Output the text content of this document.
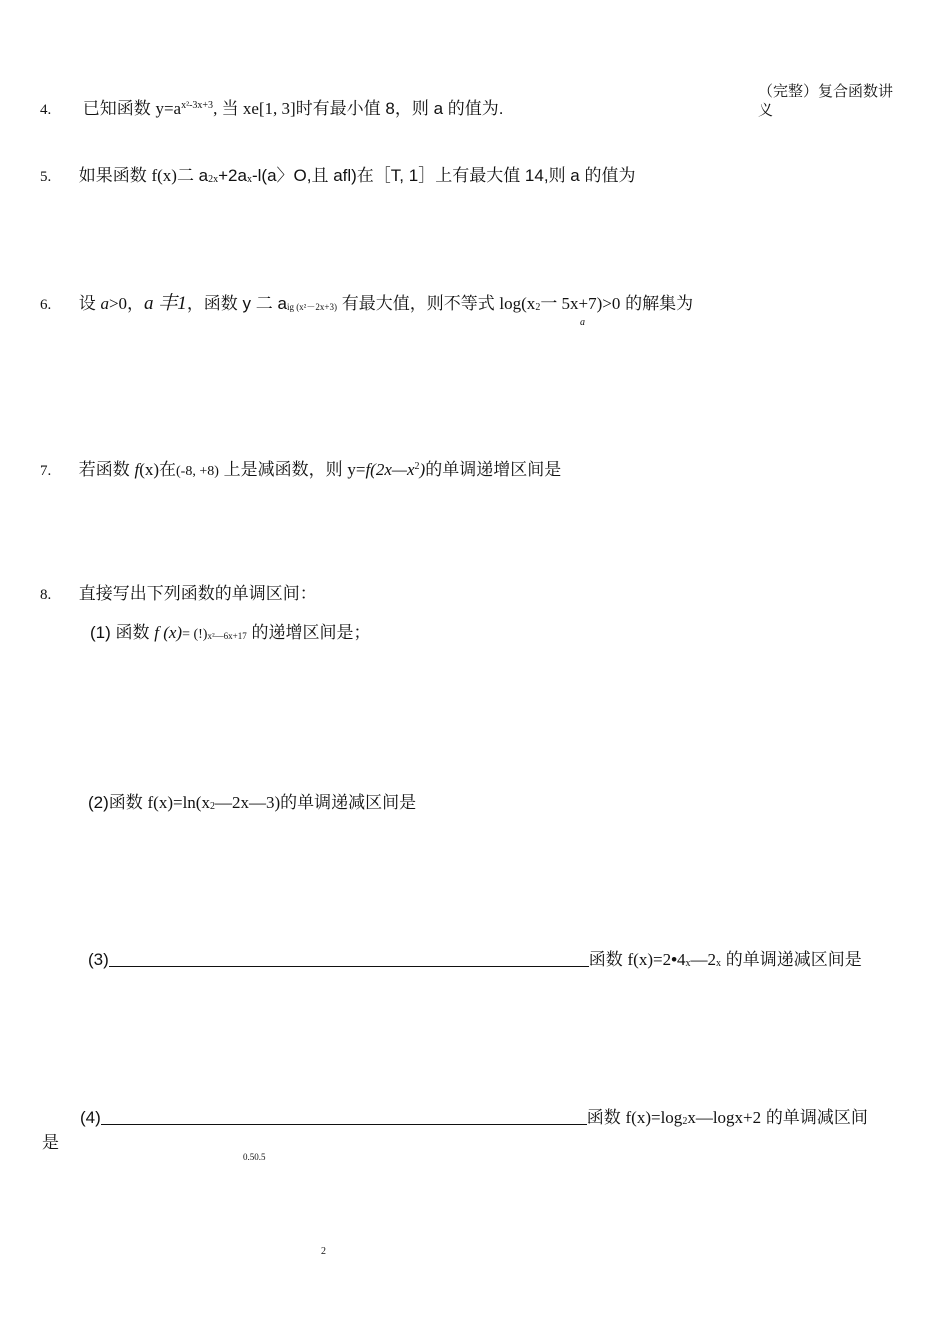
（完整）复合函数讲义
4. 已知函数 $y=a^{x^2-3x+3}$, 当 xe[1, 3]时有最小值 8，则 a 的值为.
5. 如果函数 f(x)二 a2x+2ax-l(a〉O,且 afl)在［T, 1］上有最大值 14,则 a 的值为
6. 设 a>0，a 丰1，函数 y 二 aig (x²－2x+3) 有最大值，则不等式 log(x2一 5x+7)>0 的解集为
a
7. 若函数 f(x)在(-8, +8) 上是减函数，则 $y=f(2x—x^2)$的单调递增区间是
8. 直接写出下列函数的单调区间：
(1) 函数 f (x)= (!)x²—6x+17 的递增区间是；
(2)函数 f(x)=ln(x2—2x—3)的单调递减区间是
(3)	函数 f(x)=2•4x—2x 的单调递减区间是
(4)	函数 f(x)=log2x—logx+2 的单调减区间
是
0.50.5
2
